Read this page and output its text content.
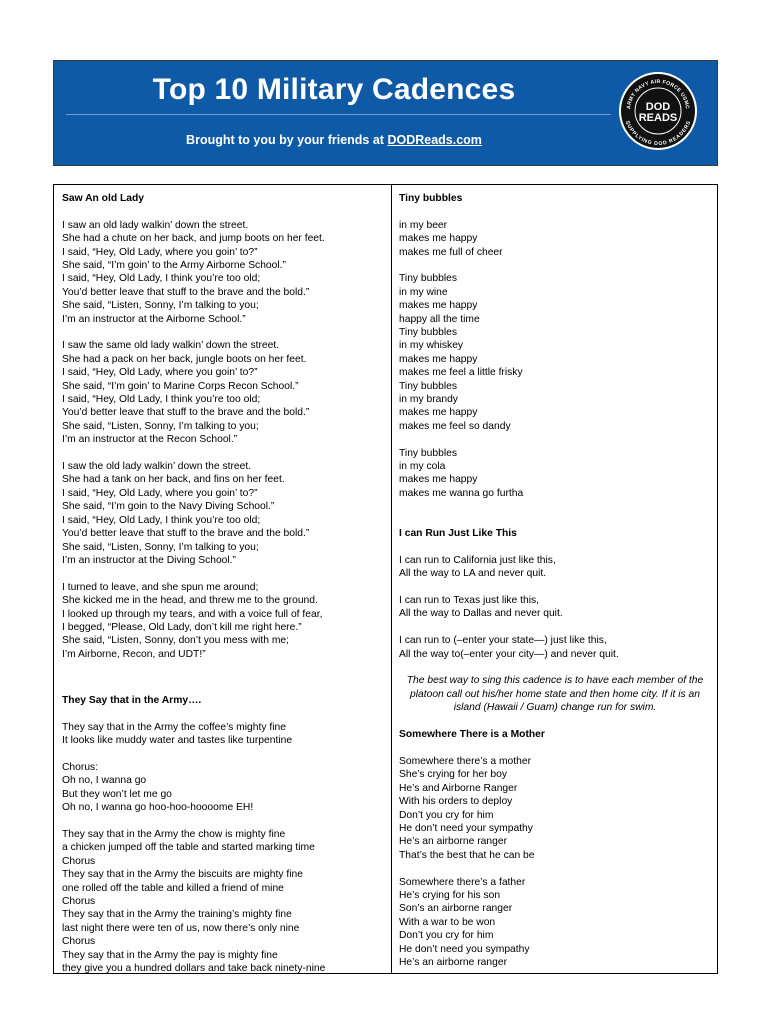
Top 10 Military Cadences
Brought to you by your friends at DODReads.com
ARMY NAVY AIR FORCE USMC
SUPPLYING DOD READERS
DOD
READS
Saw An old Lady
I saw an old lady walkin’ down the street.
She had a chute on her back, and jump boots on her feet.
I said, “Hey, Old Lady, where you goin’ to?”
She said, “I’m goin’ to the Army Airborne School.”
I said, “Hey, Old Lady, I think you’re too old;
You’d better leave that stuff to the brave and the bold.”
She said, “Listen, Sonny, I’m talking to you;
I’m an instructor at the Airborne School.”
I saw the same old lady walkin’ down the street.
She had a pack on her back, jungle boots on her feet.
I said, “Hey, Old Lady, where you goin’ to?”
She said, “I’m goin’ to Marine Corps Recon School.”
I said, “Hey, Old Lady, I think you’re too old;
You’d better leave that stuff to the brave and the bold.”
She said, “Listen, Sonny, I’m talking to you;
I’m an instructor at the Recon School.”
I saw the old lady walkin’ down the street.
She had a tank on her back, and fins on her feet.
I said, “Hey, Old Lady, where you goin’ to?”
She said, “I’m goin to the Navy Diving School.”
I said, “Hey, Old Lady, I think you’re too old;
You’d better leave that stuff to the brave and the bold.”
She said, “Listen, Sonny, I’m talking to you;
I’m an instructor at the Diving School.”
I turned to leave, and she spun me around;
She kicked me in the head, and threw me to the ground.
I looked up through my tears, and with a voice full of fear,
I begged, “Please, Old Lady, don’t kill me right here.”
She said, “Listen, Sonny, don’t you mess with me;
I’m Airborne, Recon, and UDT!”
They Say that in the Army….
They say that in the Army the coffee’s mighty fine
It looks like muddy water and tastes like turpentine
Chorus:
Oh no, I wanna go
But they won’t let me go
Oh no, I wanna go hoo-hoo-hoooome EH!
They say that in the Army the chow is mighty fine
a chicken jumped off the table and started marking time
Chorus
They say that in the Army the biscuits are mighty fine
one rolled off the table and killed a friend of mine
Chorus
They say that in the Army the training’s mighty fine
last night there were ten of us, now there’s only nine
Chorus
They say that in the Army the pay is mighty fine
they give you a hundred dollars and take back ninety-nine
Tiny bubbles
in my beer
makes me happy
makes me full of cheer
Tiny bubbles
in my wine
makes me happy
happy all the time
Tiny bubbles
in my whiskey
makes me happy
makes me feel a little frisky
Tiny bubbles
in my brandy
makes me happy
makes me feel so dandy
Tiny bubbles
in my cola
makes me happy
makes me wanna go furtha
I can Run Just Like This
I can run to California just like this,
All the way to LA and never quit.
I can run to Texas just like this,
All the way to Dallas and never quit.
I can run to (–enter your state—) just like this,
All the way to(–enter your city—) and never quit.
The best way to sing this cadence is to have each member of the platoon call out his/her home state and then home city. If it is an island (Hawaii / Guam) change run for swim.
Somewhere There is a Mother
Somewhere there’s a mother
She’s crying for her boy
He’s and Airborne Ranger
With his orders to deploy
Don’t you cry for him
He don’t need your sympathy
He’s an airborne ranger
That’s the best that he can be
Somewhere there’s a father
He’s crying for his son
Son’s an airborne ranger
With a war to be won
Don’t you cry for him
He don’t need you sympathy
He’s an airborne ranger
